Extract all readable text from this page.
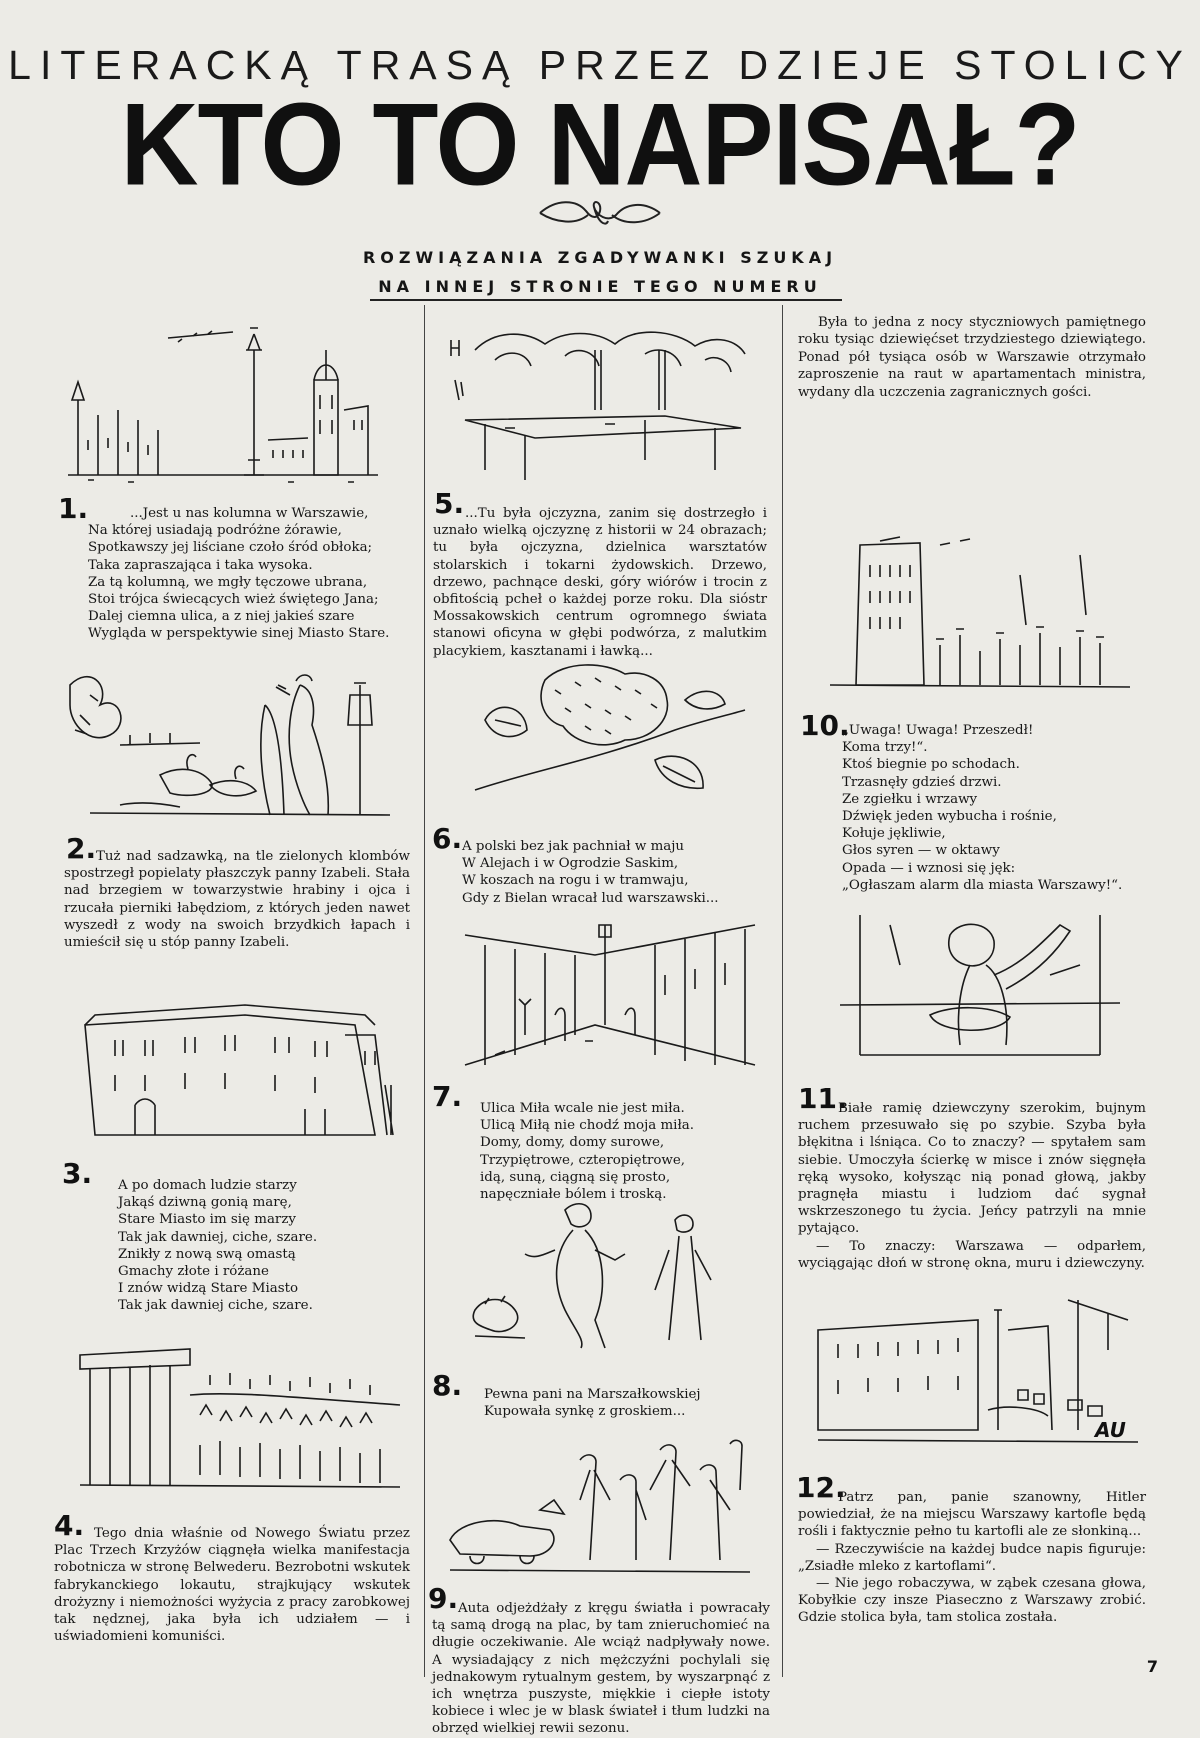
LITERACKĄ TRASĄ PRZEZ DZIEJE STOLICY
KTO TO NAPISAŁ?
ROZWIĄZANIA ZGADYWANKI SZUKAJ
NA INNEJ STRONIE TEGO NUMERU
1.	...Jest u nas kolumna w Warszawie,
Na której usiadają podróżne żórawie,
Spotkawszy jej liściane czoło śród obłoka;
Taka zapraszająca i taka wysoka.
Za tą kolumną, we mgły tęczowe ubrana,
Stoi trójca świecących wież świętego Jana;
Dalej ciemna ulica, a z niej jakieś szare
Wygląda w perspektywie sinej Miasto Stare.
2. Tuż nad sadzawką, na tle zielonych klombów spostrzegł popielaty płaszczyk panny Izabeli. Stała nad brzegiem w towarzystwie hrabiny i ojca i rzucała pierniki łabędziom, z których jeden nawet wyszedł z wody na swoich brzydkich łapach i umieścił się u stóp panny Izabeli.
3. A po domach ludzie starzy
Jakąś dziwną gonią marę,
Stare Miasto im się marzy
Tak jak dawniej, ciche, szare.
Znikły z nową swą omastą
Gmachy złote i różane
I znów widzą Stare Miasto
Tak jak dawniej ciche, szare.
4. Tego dnia właśnie od Nowego Światu przez Plac Trzech Krzyżów ciągnęła wielka manifestacja robotnicza w stronę Belwederu. Bezrobotni wskutek fabrykanckiego lokautu, strajkujący wskutek drożyzny i niemożności wyżycia z pracy zarobkowej tak nędznej, jaka była ich udziałem — i uświadomieni komuniści.
5. ...Tu była ojczyzna, zanim się dostrzegło i uznało wielką ojczyznę z historii w 24 obrazach; tu była ojczyzna, dzielnica warsztatów stolarskich i tokarni żydowskich. Drzewo, drzewo, pachnące deski, góry wiórów i trocin z obfitością pcheł o każdej porze roku. Dla sióstr Mossakowskich centrum ogromnego świata stanowi oficyna w głębi podwórza, z malutkim placykiem, kasztanami i ławką...
6. A polski bez jak pachniał w maju
W Alejach i w Ogrodzie Saskim,
W koszach na rogu i w tramwaju,
Gdy z Bielan wracał lud warszawski...
7. Ulica Miła wcale nie jest miła.
Ulicą Miłą nie chodź moja miła.
Domy, domy, domy surowe,
Trzypiętrowe, czteropiętrowe,
idą, suną, ciągną się prosto,
napęczniałe bólem i troską.
8. Pewna pani na Marszałkowskiej
Kupowała synkę z groskiem...
9. Auta odjeżdżały z kręgu światła i powracały tą samą drogą na plac, by tam znieruchomieć na długie oczekiwanie. Ale wciąż nadpływały nowe. A wysiadający z nich mężczyźni pochylali się jednakowym rytualnym gestem, by wyszarpnąć z ich wnętrza puszyste, miękkie i ciepłe istoty kobiece i wlec je w blask świateł i tłum ludzki na obrzęd wielkiej rewii sezonu.
Była to jedna z nocy styczniowych pamiętnego roku tysiąc dziewięćset trzydziestego dziewiątego. Ponad pół tysiąca osób w Warszawie otrzymało zaproszenie na raut w apartamentach ministra, wydany dla uczczenia zagranicznych gości.
10.
„Uwaga! Uwaga! Przeszedł!
Koma trzy!“.
Ktoś biegnie po schodach.
Trzasnęły gdzieś drzwi.
Ze zgiełku i wrzawy
Dźwięk jeden wybucha i rośnie,
Kołuje jękliwie,
Głos syren — w oktawy
Opada — i wznosi się jęk:
„Ogłaszam alarm dla miasta Warszawy!“.
11.
Białe ramię dziewczyny szerokim, bujnym ruchem przesuwało się po szybie. Szyba była błękitna i lśniąca. Co to znaczy? — spytałem sam siebie. Umoczyła ścierkę w misce i znów sięgnęła ręką wysoko, kołysząc nią ponad głową, jakby pragnęła miastu i ludziom dać sygnał wskrzeszonego tu życia. Jeńcy patrzyli na mnie pytająco.
— To znaczy: Warszawa — odparłem, wyciągając dłoń w stronę okna, muru i dziewczyny.
AU
12.
Patrz pan, panie szanowny, Hitler powiedział, że na miejscu Warszawy kartofle będą rośli i faktycznie pełno tu kartofli ale ze słonkiną...
— Rzeczywiście na każdej budce napis figuruje: „Zsiadłe mleko z kartoflami“.
— Nie jego robaczywa, w ząbek czesana głowa, Kobyłkie czy insze Piaseczno z Warszawy zrobić. Gdzie stolica była, tam stolica została.
7
